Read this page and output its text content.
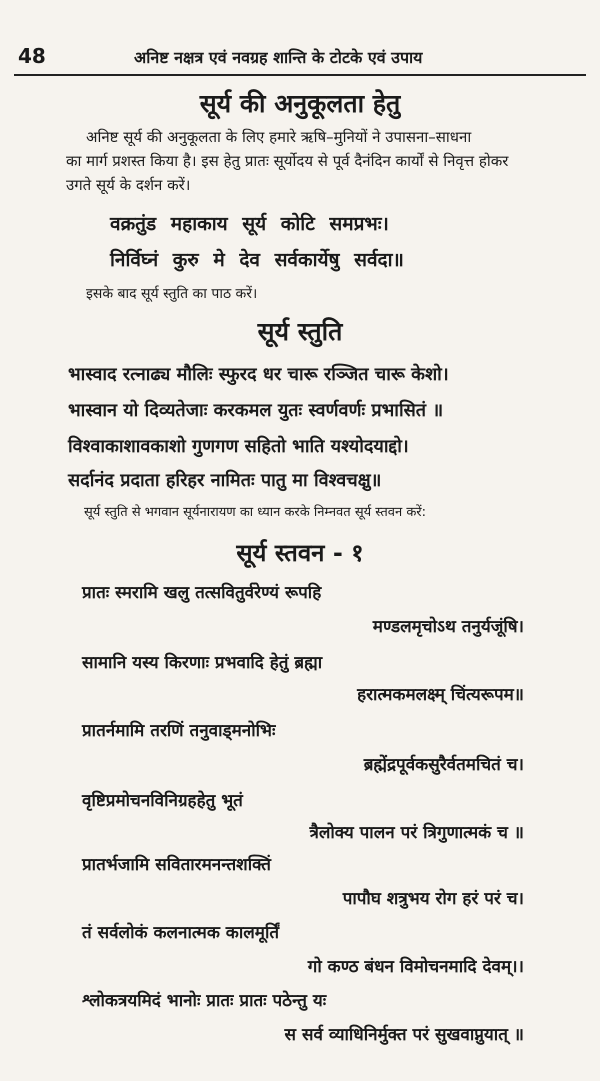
48	अनिष्ट नक्षत्र एवं नवग्रह शान्ति के टोटके एवं उपाय
सूर्य की अनुकूलता हेतु
अनिष्ट सूर्य की अनुकूलता के लिए हमारे ऋषि–मुनियों ने उपासना–साधना
का मार्ग प्रशस्त किया है। इस हेतु प्रातः सूर्योदय से पूर्व दैनंदिन कार्यों से निवृत्त होकर
उगते सूर्य के दर्शन करें।
वक्रतुंड महाकाय सूर्य कोटि समप्रभः।
निर्विघ्नं कुरु मे देव सर्वकार्येषु सर्वदा॥
इसके बाद सूर्य स्तुति का पाठ करें।
सूर्य स्तुति
भास्वाद रत्नाढ्य मौलिः स्फुरद धर चारू रञ्जित चारू केशो।
भास्वान यो दिव्यतेजाः करकमल युतः स्वर्णवर्णः प्रभासितं ॥
विश्वाकाशावकाशो गुणगण सहितो भाति यश्योदयाद्दो।
सर्दानंद प्रदाता हरिहर नामितः पातु मा विश्वचक्षु॥
सूर्य स्तुति से भगवान सूर्यनारायण का ध्यान करके निम्नवत सूर्य स्तवन करें:
सूर्य स्तवन - १
प्रातः स्मरामि खलु तत्सवितुर्वरेण्यं रूपहि
मण्डलमृचोऽथ तनुर्यजूंषि।
सामानि यस्य किरणाः प्रभवादि हेतुं ब्रह्मा
हरात्मकमलक्ष्म् चिंत्यरूपम॥
प्रातर्नमामि तरणिं तनुवाड्मनोभिः
ब्रह्मेंद्रपूर्वकसुरैर्वतमचितं च।
वृष्टिप्रमोचनविनिग्रहहेतु भूतं
त्रैलोक्य पालन परं त्रिगुणात्मकं च ॥
प्रातर्भजामि सवितारमनन्तशक्तिं
पापौघ शत्रुभय रोग हरं परं च।
तं सर्वलोकं कलनात्मक कालमूर्तिं
गो कण्ठ बंधन विमोचनमादि देवम्।।
श्लोकत्रयमिदं भानोः प्रातः प्रातः पठेन्तु यः
स सर्व व्याधिनिर्मुक्त परं सुखवाप्नुयात् ॥
